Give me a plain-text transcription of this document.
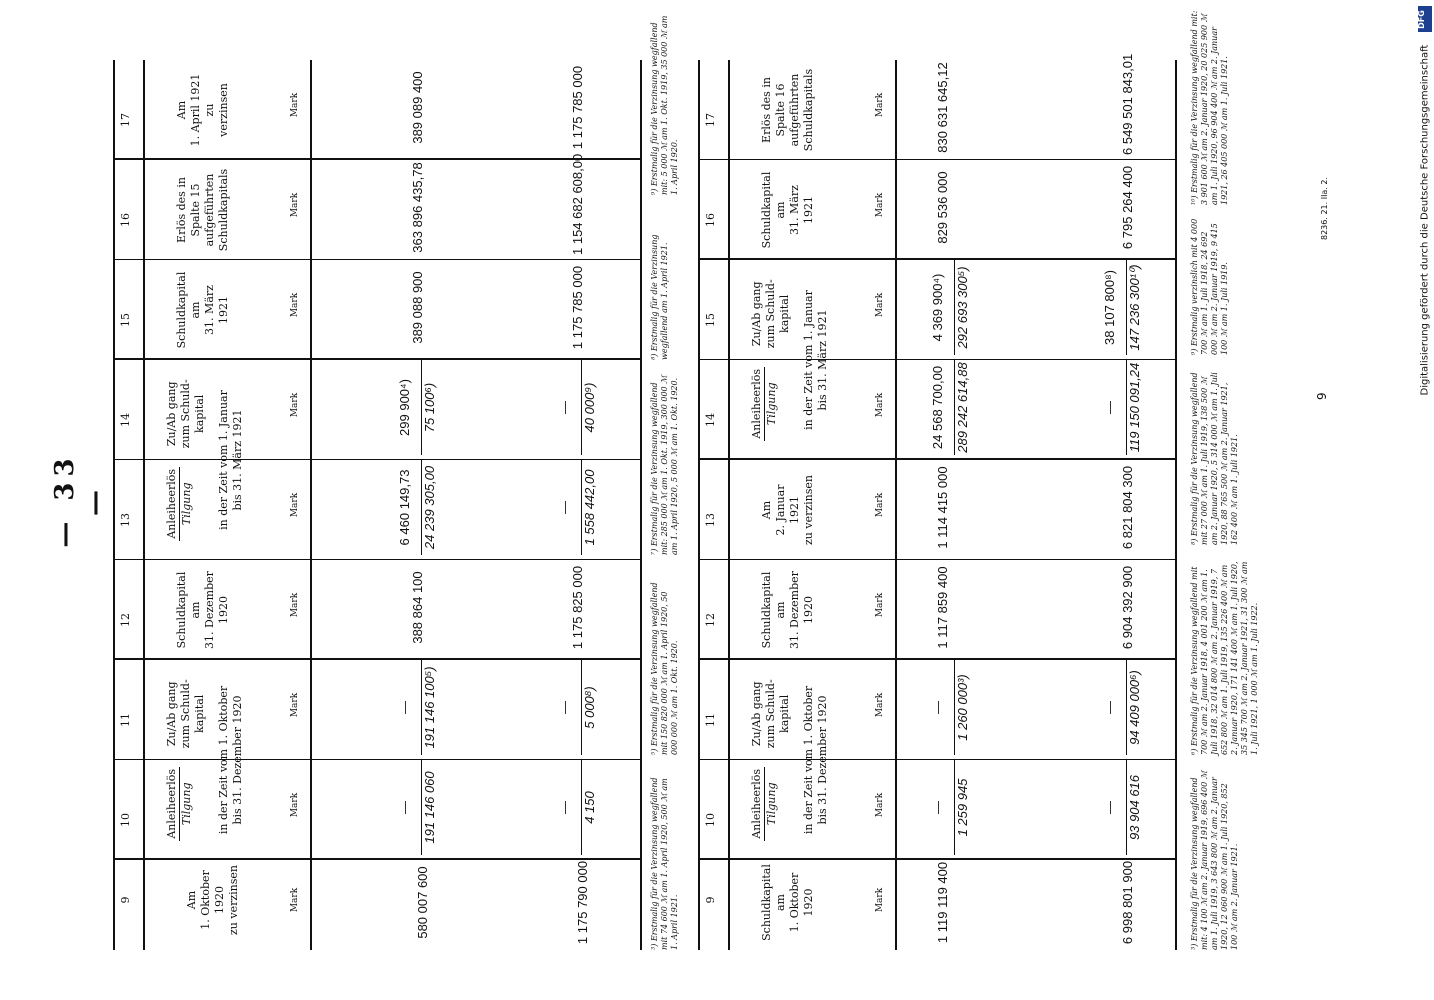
— 33 —
9
10
11
12
13
14
15
16
17
Am 1. Oktober 1920 zu verzinsen
Anleiheerlös Tilgung
Zu/Ab gang
zum Schuld-
kapital in der Zeit vom 1. Oktober bis 31. Dezember 1920
Schuldkapital am 31. Dezember 1920
Anleiheerlös Tilgung
Zu/Ab gang
zum Schuld-
kapital in der Zeit vom 1. Januar bis 31. März 1921
Schuldkapital am 31. März 1921
Erlös des in Spalte 15 aufgeführten Schuldkapitals
Am 1. April 1921 zu verzinsen
Mark
Mark
Mark
Mark
Mark
Mark
Mark
Mark
Mark
580 007 600
— 191 146 060
— 191 146 100⁵)
388 864 100
6 460 149,73 24 239 305,00
299 900⁴) 75 100⁶)
389 088 900
363 896 435,78
389 089 400
1 175 790 000
— 4 150
— 5 000⁸)
1 175 825 000
— 1 558 442,00
— 40 000⁹)
1 175 785 000
1 154 682 608,00
1 175 785 000
³) Erstmalig für die Verzinsung wegfallend mit 74 600 ℳ am 1. April 1920, 500 ℳ am 1. April 1921.
⁵) Erstmalig für die Verzinsung wegfallend mit 150 820 000 ℳ am 1. April 1920, 50 000 000 ℳ am 1. Okt. 1920.
⁷) Erstmalig für die Verzinsung wegfallend mit: 285 000 ℳ am 1. Okt. 1919, 300 000 ℳ am 1. April 1920, 5 000 ℳ am 1. Okt. 1920.
⁸) Erstmalig für die Verzinsung wegfallend am 1. April 1921.
⁹) Erstmalig für die Verzinsung wegfallend mit: 5 000 ℳ am 1. Okt. 1919, 35 000 ℳ am 1. April 1920.
9
10
11
12
13
14
15
16
17
Schuldkapital am 1. Oktober 1920
Anleiheerlös Tilgung
Zu/Ab gang
zum Schuld-
kapital in der Zeit vom 1. Oktober bis 31. Dezember 1920
Schuldkapital am 31. Dezember 1920
Am 2. Januar 1921 zu verzinsen
Anleiheerlös Tilgung
Zu/Ab gang
zum Schuld-
kapital in der Zeit vom 1. Januar bis 31. März 1921
Schuldkapital am 31. März 1921
Erlös des in Spalte 16 aufgeführten Schuldkapitals
Mark
Mark
Mark
Mark
Mark
Mark
Mark
Mark
Mark
1 119 119 400
— 1 259 945
— 1 260 000³)
1 117 859 400
1 114 415 000
24 568 700,00 289 242 614,88
4 369 900⁴) 292 693 300⁵)
829 536 000
830 631 645,12
6 998 801 900
— 93 904 616
— 94 409 000⁶)
6 904 392 900
6 821 804 300
— 119 150 091,24
38 107 800⁸) 147 236 300¹⁰)
6 795 264 400
6 549 501 843,01
³) Erstmalig für die Verzinsung wegfallend mit: 4 100 ℳ am 2. Januar 1919, 696 400 ℳ am 1. Juli 1919, 3 643 800 ℳ am 2. Januar 1920, 12 060 900 ℳ am 1. Juli 1920, 852 100 ℳ am 2. Januar 1921.
⁶) Erstmalig für die Verzinsung wegfallend mit 700 ℳ am 2. Januar 1918, 4 001 200 ℳ am 1. Juli 1918, 32 014 800 ℳ am 2. Januar 1919, 7 652 800 ℳ am 1. Juli 1919, 135 226 400 ℳ am 2. Januar 1920, 171 141 400 ℳ am 1. Juli 1920, 35 345 700 ℳ am 2. Januar 1921, 31 300 ℳ am 1. Juli 1921, 1 000 ℳ am 1. Juli 1922.
⁸) Erstmalig für die Verzinsung wegfallend mit 27 000 ℳ am 1. Juli 1919, 138 500 ℳ am 2. Januar 1920, 5 314 000 ℳ am 1. Juli 1920, 88 765 500 ℳ am 2. Januar 1921, 162 400 ℳ am 1. Juli 1921.
⁹) Erstmalig verzinslich mit 4 000 700 ℳ am 1. Juli 1918, 24 692 000 ℳ am 2. Januar 1919, 9 415 100 ℳ am 1. Juli 1919.
¹⁰) Erstmalig für die Verzinsung wegfallend mit: 3 901 600 ℳ am 2. Januar 1920, 20 025 900 ℳ am 1. Juli 1920, 96 904 400 ℳ am 2. Januar 1921, 26 405 000 ℳ am 1. Juli 1921.
8236. 21. IIa. 2.
9
DFG
Digitalisierung gefördert durch die Deutsche Forschungsgemeinschaft
